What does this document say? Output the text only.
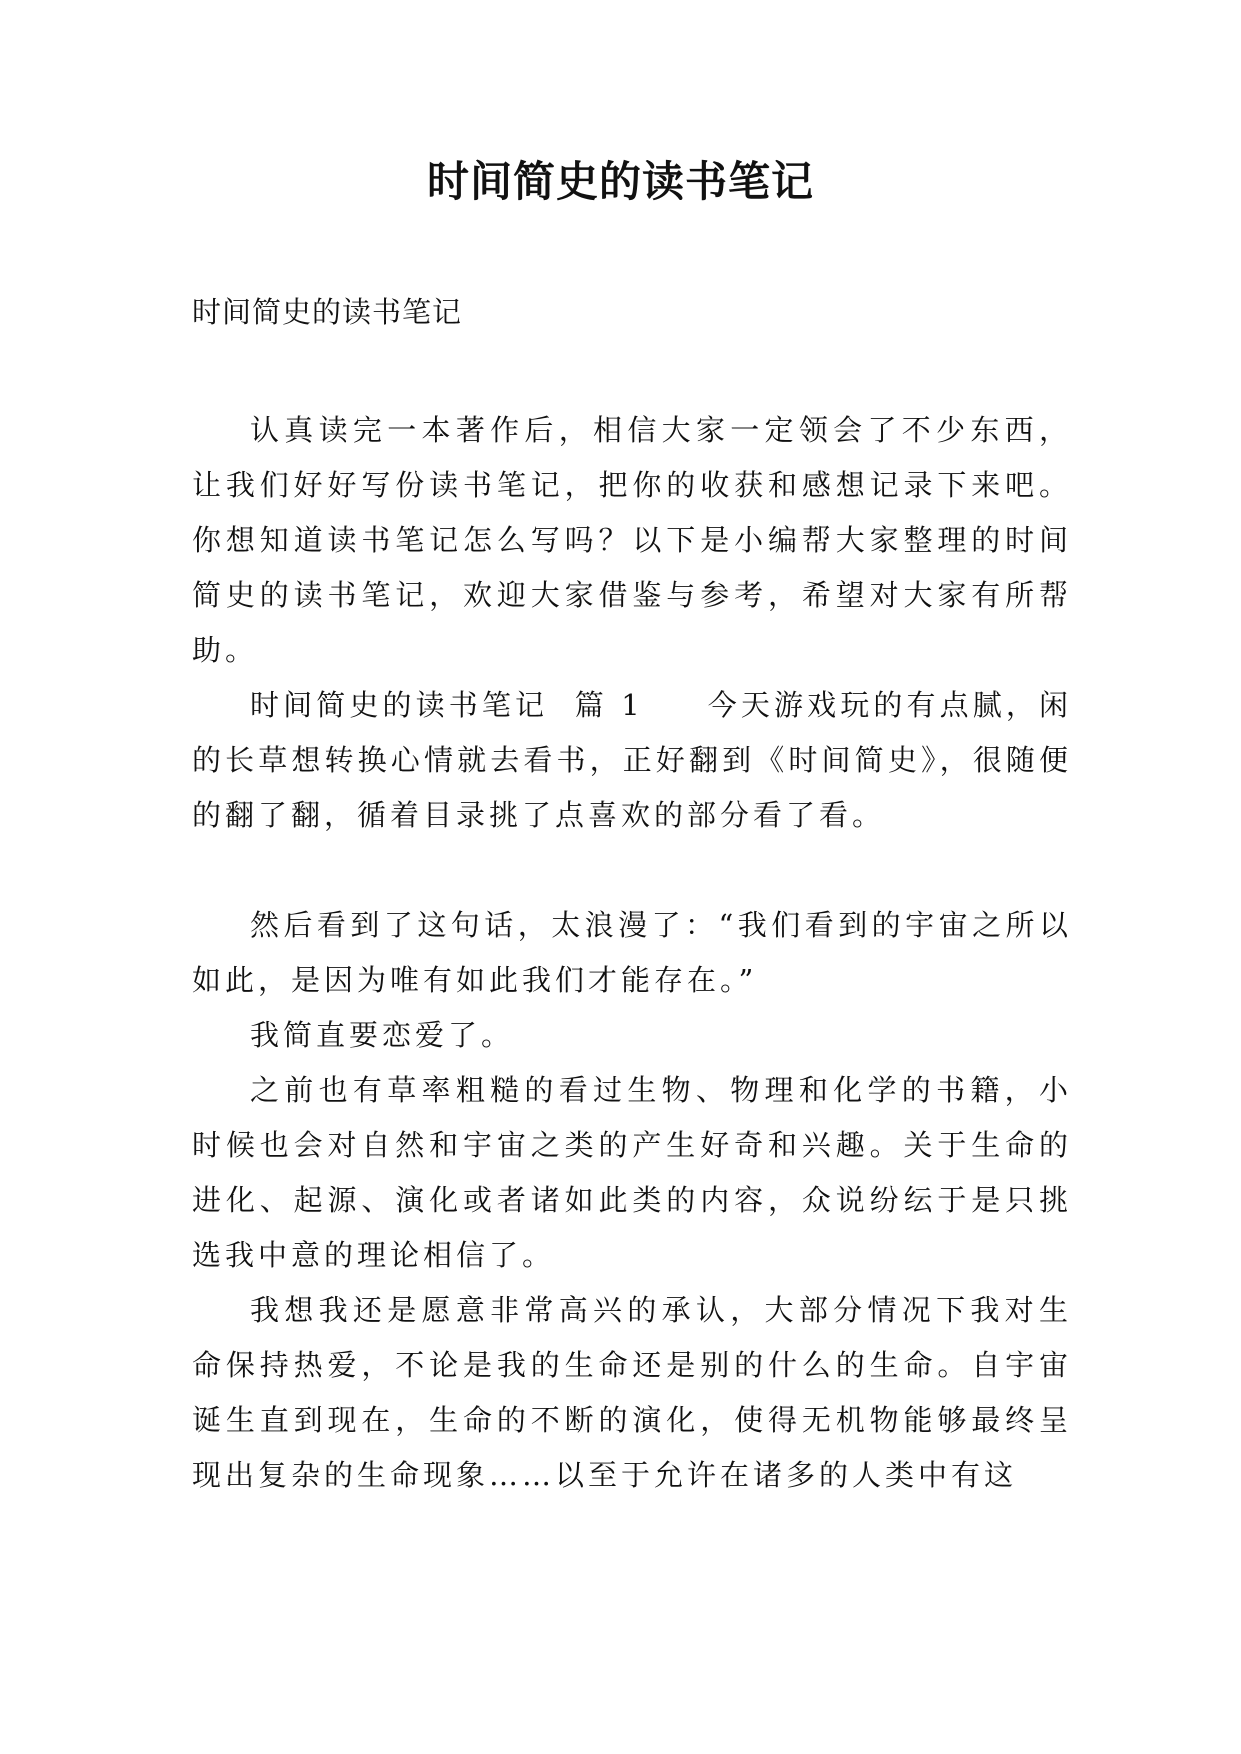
时间简史的读书笔记
时间简史的读书笔记

认真读完一本著作后，相信大家一定领会了不少东西，让我们好好写份读书笔记，把你的收获和感想记录下来吧。你想知道读书笔记怎么写吗？以下是小编帮大家整理的时间简史的读书笔记，欢迎大家借鉴与参考，希望对大家有所帮助。

时间简史的读书笔记  篇 1 今天游戏玩的有点腻，闲的长草想转换心情就去看书，正好翻到《时间简史》，很随便的翻了翻，循着目录挑了点喜欢的部分看了看。

然后看到了这句话，太浪漫了：“我们看到的宇宙之所以如此，是因为唯有如此我们才能存在。”

我简直要恋爱了。

之前也有草率粗糙的看过生物、物理和化学的书籍，小时候也会对自然和宇宙之类的产生好奇和兴趣。关于生命的进化、起源、演化或者诸如此类的内容，众说纷纭于是只挑选我中意的理论相信了。

我想我还是愿意非常高兴的承认，大部分情况下我对生命保持热爱，不论是我的生命还是别的什么的生命。自宇宙诞生直到现在，生命的不断的演化，使得无机物能够最终呈现出复杂的生命现象……以至于允许在诸多的人类中有这
